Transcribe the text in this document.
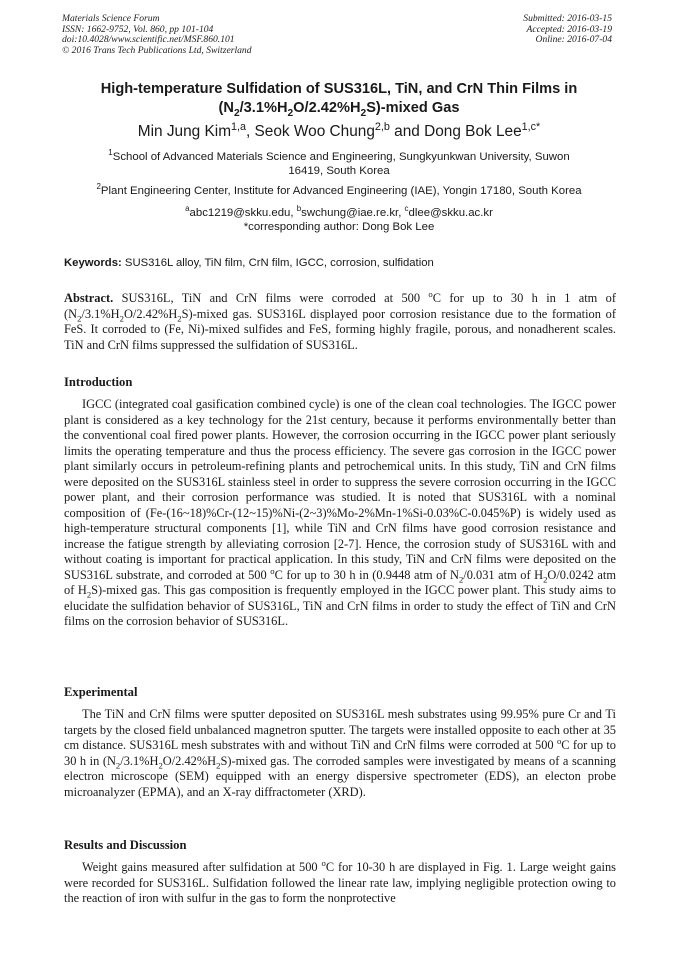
Materials Science Forum
ISSN: 1662-9752, Vol. 860, pp 101-104
doi:10.4028/www.scientific.net/MSF.860.101
© 2016 Trans Tech Publications Ltd, Switzerland
Submitted: 2016-03-15
Accepted: 2016-03-19
Online: 2016-07-04
High-temperature Sulfidation of SUS316L, TiN, and CrN Thin Films in
$(N_2/3.1\%H_2O/2.42\%H_2S)$-mixed Gas
Min Jung Kim$^{1,a}$, Seok Woo Chung$^{2,b}$ and Dong Bok Lee$^{1,c*}$
$^1$School of Advanced Materials Science and Engineering, Sungkyunkwan University, Suwon
16419, South Korea
$^2$Plant Engineering Center, Institute for Advanced Engineering (IAE), Yongin 17180, South Korea
$^a$abc1219@skku.edu, $^b$swchung@iae.re.kr, $^c$dlee@skku.ac.kr
*corresponding author: Dong Bok Lee
Keywords: SUS316L alloy, TiN film, CrN film, IGCC, corrosion, sulfidation
Abstract. SUS316L, TiN and CrN films were corroded at 500 $^o$C for up to 30 h in 1 atm of $(N_2/3.1\%H_2O/2.42\%H_2S)$-mixed gas. SUS316L displayed poor corrosion resistance due to the formation of FeS. It corroded to (Fe, Ni)-mixed sulfides and FeS, forming highly fragile, porous, and nonadherent scales. TiN and CrN films suppressed the sulfidation of SUS316L.
Introduction
IGCC (integrated coal gasification combined cycle) is one of the clean coal technologies. The IGCC power plant is considered as a key technology for the 21st century, because it performs environmentally better than the conventional coal fired power plants. However, the corrosion occurring in the IGCC power plant seriously limits the operating temperature and thus the process efficiency. The severe gas corrosion in the IGCC power plant similarly occurs in petroleum-refining plants and petrochemical units. In this study, TiN and CrN films were deposited on the SUS316L stainless steel in order to suppress the severe corrosion occurring in the IGCC power plant, and their corrosion performance was studied. It is noted that SUS316L with a nominal composition of (Fe-(16~18)%Cr-(12~15)%Ni-(2~3)%Mo-2%Mn-1%Si-0.03%C-0.045%P) is widely used as high-temperature structural components [1], while TiN and CrN films have good corrosion resistance and increase the fatigue strength by alleviating corrosion [2-7]. Hence, the corrosion study of SUS316L with and without coating is important for practical application. In this study, TiN and CrN films were deposited on the SUS316L substrate, and corroded at 500 $^o$C for up to 30 h in (0.9448 atm of $N_2/0.031$ atm of $H_2O/0.0242$ atm of $H_2S$)-mixed gas. This gas composition is frequently employed in the IGCC power plant. This study aims to elucidate the sulfidation behavior of SUS316L, TiN and CrN films in order to study the effect of TiN and CrN films on the corrosion behavior of SUS316L.
Experimental
The TiN and CrN films were sputter deposited on SUS316L mesh substrates using 99.95% pure Cr and Ti targets by the closed field unbalanced magnetron sputter. The targets were installed opposite to each other at 35 cm distance. SUS316L mesh substrates with and without TiN and CrN films were corroded at 500 $^o$C for up to 30 h in $(N_2/3.1\%H_2O/2.42\%H_2S)$-mixed gas. The corroded samples were investigated by means of a scanning electron microscope (SEM) equipped with an energy dispersive spectrometer (EDS), an electon probe microanalyzer (EPMA), and an X-ray diffractometer (XRD).
Results and Discussion
Weight gains measured after sulfidation at 500 $^o$C for 10-30 h are displayed in Fig. 1. Large weight gains were recorded for SUS316L. Sulfidation followed the linear rate law, implying negligible protection owing to the reaction of iron with sulfur in the gas to form the nonprotective
